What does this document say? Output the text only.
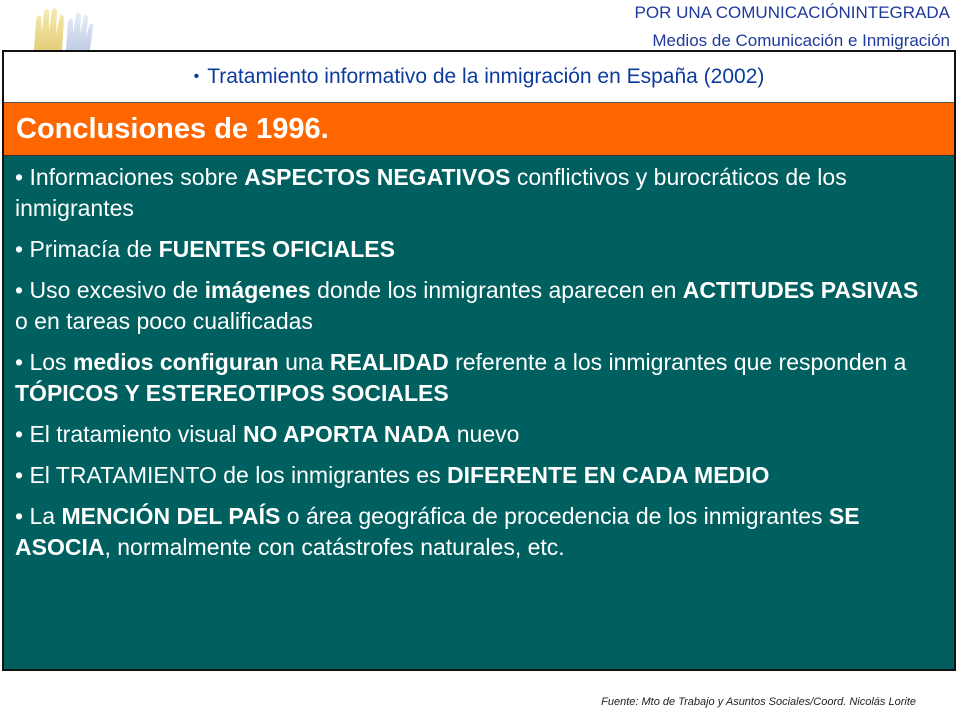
POR UNA COMUNICACIÓNINTEGRADA
Medios de Comunicación e Inmigración
• Tratamiento informativo de la inmigración en España (2002)
Conclusiones de 1996.
• Informaciones sobre ASPECTOS NEGATIVOS conflictivos y burocráticos de los inmigrantes
• Primacía de FUENTES OFICIALES
• Uso excesivo de imágenes donde los inmigrantes aparecen en ACTITUDES PASIVAS o en tareas poco cualificadas
• Los medios configuran una REALIDAD referente a los inmigrantes que responden a TÓPICOS Y ESTEREOTIPOS SOCIALES
• El tratamiento visual NO APORTA NADA nuevo
• El TRATAMIENTO de los inmigrantes es DIFERENTE EN CADA MEDIO
• La MENCIÓN DEL PAÍS o área geográfica de procedencia de los inmigrantes SE ASOCIA, normalmente con catástrofes naturales, etc.
Fuente: Mto de Trabajo y Asuntos Sociales/Coord. Nicolás Lorite
